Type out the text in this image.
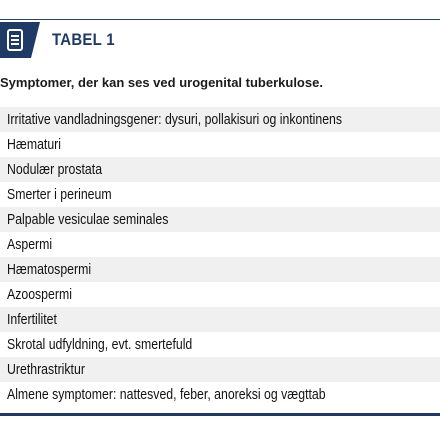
TABEL 1
Symptomer, der kan ses ved urogenital tuberkulose.
Irritative vandladningsgener: dysuri, pollakisuri og inkontinens
Hæmaturi
Nodulær prostata
Smerter i perineum
Palpable vesiculae seminales
Aspermi
Hæmatospermi
Azoospermi
Infertilitet
Skrotal udfyldning, evt. smertefuld
Urethrastriktur
Almene symptomer: nattesved, feber, anoreksi og vægttab
